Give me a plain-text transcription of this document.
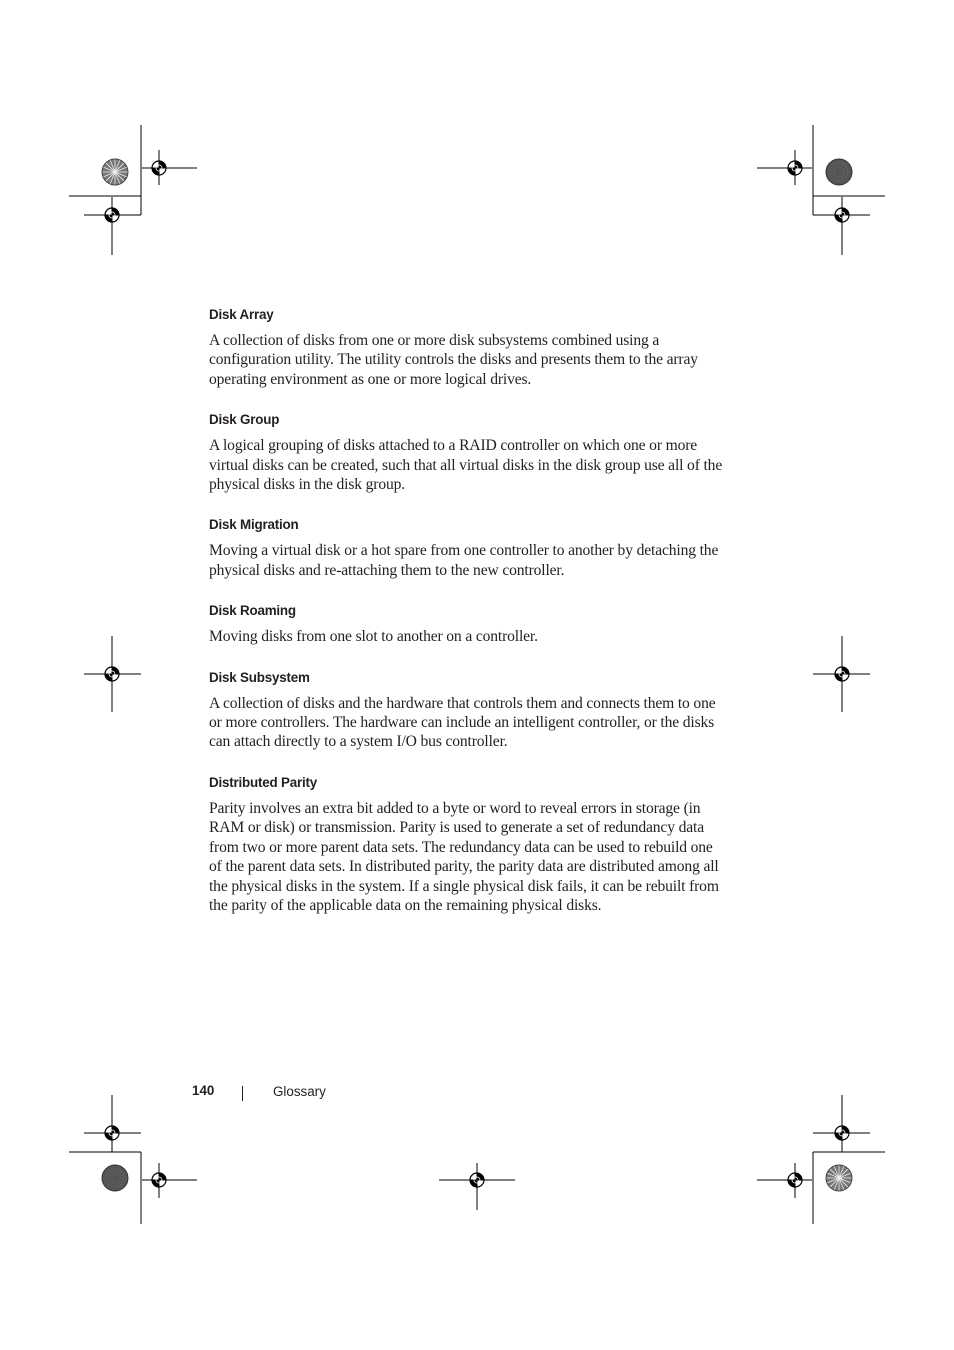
Disk Array

A collection of disks from one or more disk subsystems combined using a configuration utility. The utility controls the disks and presents them to the array operating environment as one or more logical drives.

Disk Group

A logical grouping of disks attached to a RAID controller on which one or more virtual disks can be created, such that all virtual disks in the disk group use all of the physical disks in the disk group.

Disk Migration

Moving a virtual disk or a hot spare from one controller to another by detaching the physical disks and re-attaching them to the new controller.

Disk Roaming

Moving disks from one slot to another on a controller.

Disk Subsystem

A collection of disks and the hardware that controls them and connects them to one or more controllers. The hardware can include an intelligent controller, or the disks can attach directly to a system I/O bus controller.

Distributed Parity

Parity involves an extra bit added to a byte or word to reveal errors in storage (in RAM or disk) or transmission. Parity is used to generate a set of redundancy data from two or more parent data sets. The redundancy data can be used to rebuild one of the parent data sets. In distributed parity, the parity data are distributed among all the physical disks in the system. If a single physical disk fails, it can be rebuilt from the parity of the applicable data on the remaining physical disks.

140	Glossary
